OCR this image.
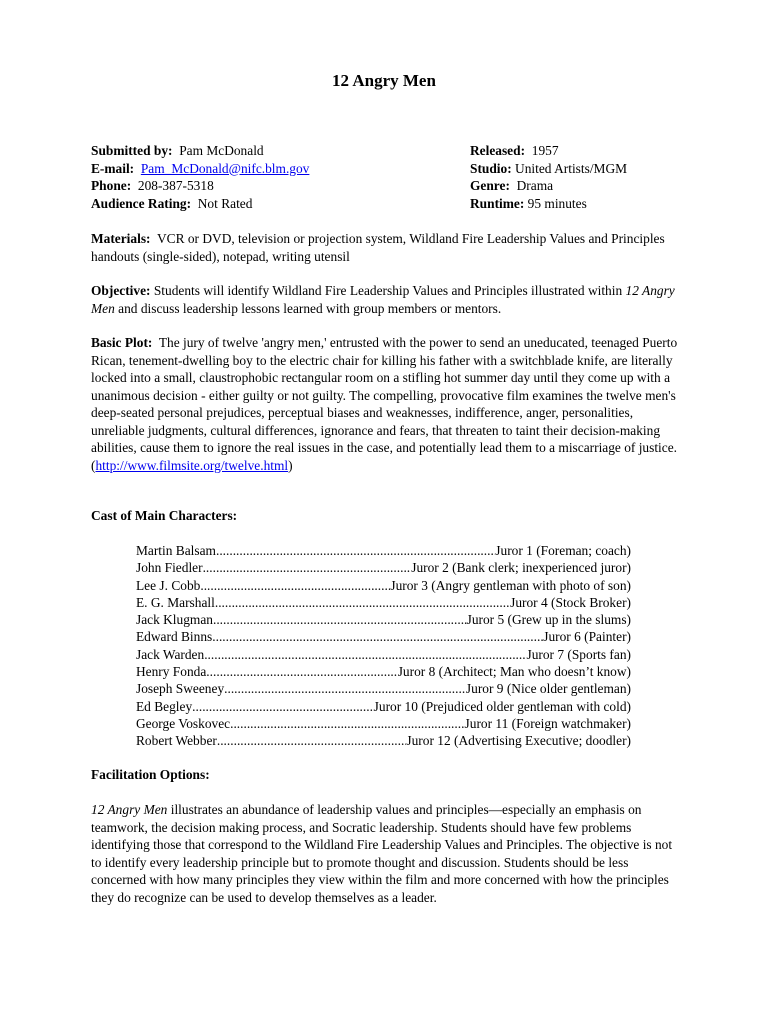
12 Angry Men
Submitted by: Pam McDonald	Released: 1957
E-mail: Pam_McDonald@nifc.blm.gov	Studio: United Artists/MGM
Phone: 208-387-5318	Genre: Drama
Audience Rating: Not Rated	Runtime: 95 minutes

Materials: VCR or DVD, television or projection system, Wildland Fire Leadership Values and Principles handouts (single-sided), notepad, writing utensil

Objective: Students will identify Wildland Fire Leadership Values and Principles illustrated within 12 Angry Men and discuss leadership lessons learned with group members or mentors.

Basic Plot: The jury of twelve 'angry men,' entrusted with the power to send an uneducated, teenaged Puerto Rican, tenement-dwelling boy to the electric chair for killing his father with a switchblade knife, are literally locked into a small, claustrophobic rectangular room on a stifling hot summer day until they come up with a unanimous decision - either guilty or not guilty. The compelling, provocative film examines the twelve men's deep-seated personal prejudices, perceptual biases and weaknesses, indifference, anger, personalities, unreliable judgments, cultural differences, ignorance and fears, that threaten to taint their decision-making abilities, cause them to ignore the real issues in the case, and potentially lead them to a miscarriage of justice. (http://www.filmsite.org/twelve.html)

Cast of Main Characters:

Martin Balsam .....	Juror 1 (Foreman; coach)
John Fiedler .....	Juror 2 (Bank clerk; inexperienced juror)
Lee J. Cobb .....	Juror 3 (Angry gentleman with photo of son)
E. G. Marshall .....	Juror 4 (Stock Broker)
Jack Klugman .....	Juror 5 (Grew up in the slums)
Edward Binns .....	Juror 6 (Painter)
Jack Warden .....	Juror 7 (Sports fan)
Henry Fonda .....	Juror 8 (Architect; Man who doesn’t know)
Joseph Sweeney .....	Juror 9 (Nice older gentleman)
Ed Begley .....	Juror 10 (Prejudiced older gentleman with cold)
George Voskovec .....	Juror 11 (Foreign watchmaker)
Robert Webber .....	Juror 12 (Advertising Executive; doodler)

Facilitation Options:

12 Angry Men illustrates an abundance of leadership values and principles—especially an emphasis on teamwork, the decision making process, and Socratic leadership. Students should have few problems identifying those that correspond to the Wildland Fire Leadership Values and Principles. The objective is not to identify every leadership principle but to promote thought and discussion. Students should be less concerned with how many principles they view within the film and more concerned with how the principles they do recognize can be used to develop themselves as a leader.
